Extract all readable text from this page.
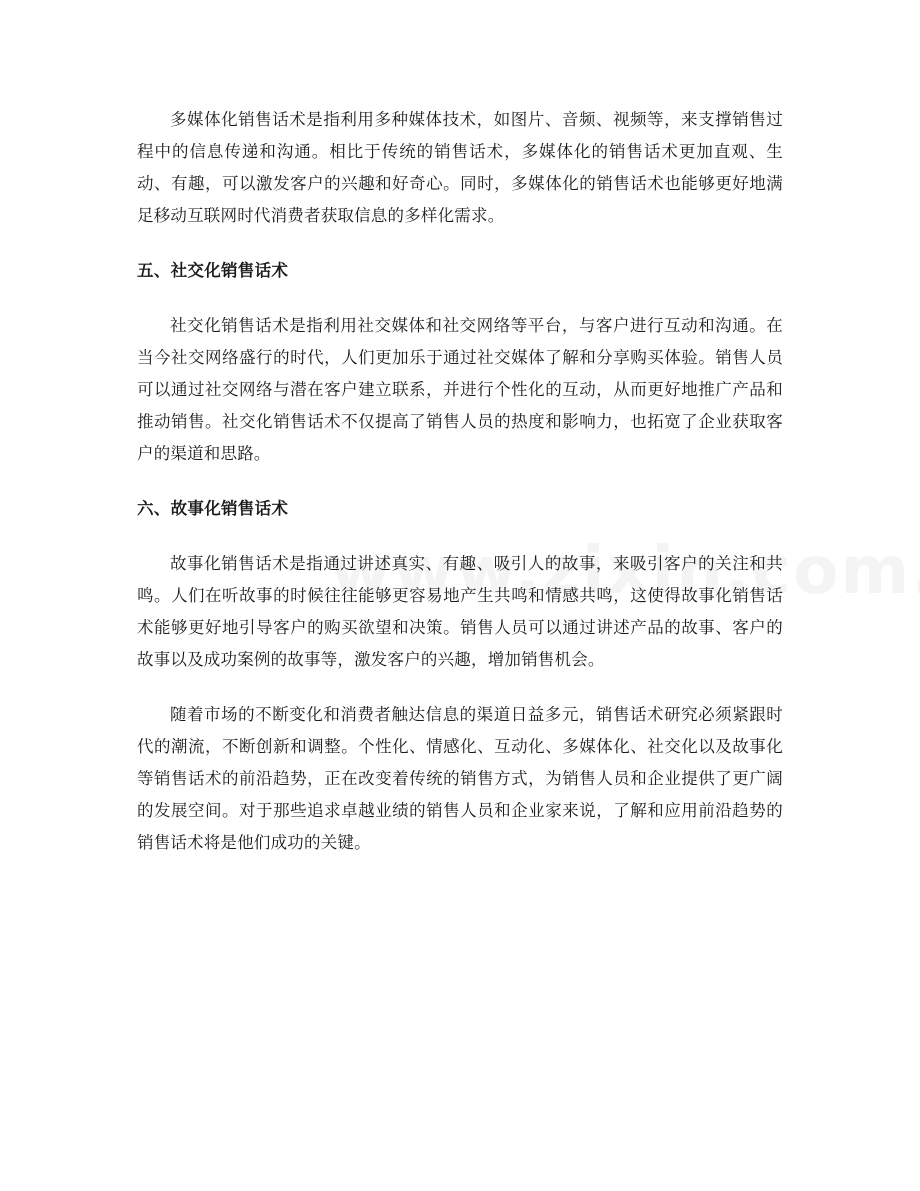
多媒体化销售话术是指利用多种媒体技术，如图片、音频、视频等，来支撑销售过程中的信息传递和沟通。相比于传统的销售话术，多媒体化的销售话术更加直观、生动、有趣，可以激发客户的兴趣和好奇心。同时，多媒体化的销售话术也能够更好地满足移动互联网时代消费者获取信息的多样化需求。

五、社交化销售话术

社交化销售话术是指利用社交媒体和社交网络等平台，与客户进行互动和沟通。在当今社交网络盛行的时代，人们更加乐于通过社交媒体了解和分享购买体验。销售人员可以通过社交网络与潜在客户建立联系，并进行个性化的互动，从而更好地推广产品和推动销售。社交化销售话术不仅提高了销售人员的热度和影响力，也拓宽了企业获取客户的渠道和思路。

六、故事化销售话术

故事化销售话术是指通过讲述真实、有趣、吸引人的故事，来吸引客户的关注和共鸣。人们在听故事的时候往往能够更容易地产生共鸣和情感共鸣，这使得故事化销售话术能够更好地引导客户的购买欲望和决策。销售人员可以通过讲述产品的故事、客户的故事以及成功案例的故事等，激发客户的兴趣，增加销售机会。

随着市场的不断变化和消费者触达信息的渠道日益多元，销售话术研究必须紧跟时代的潮流，不断创新和调整。个性化、情感化、互动化、多媒体化、社交化以及故事化等销售话术的前沿趋势，正在改变着传统的销售方式，为销售人员和企业提供了更广阔的发展空间。对于那些追求卓越业绩的销售人员和企业家来说，了解和应用前沿趋势的销售话术将是他们成功的关键。
